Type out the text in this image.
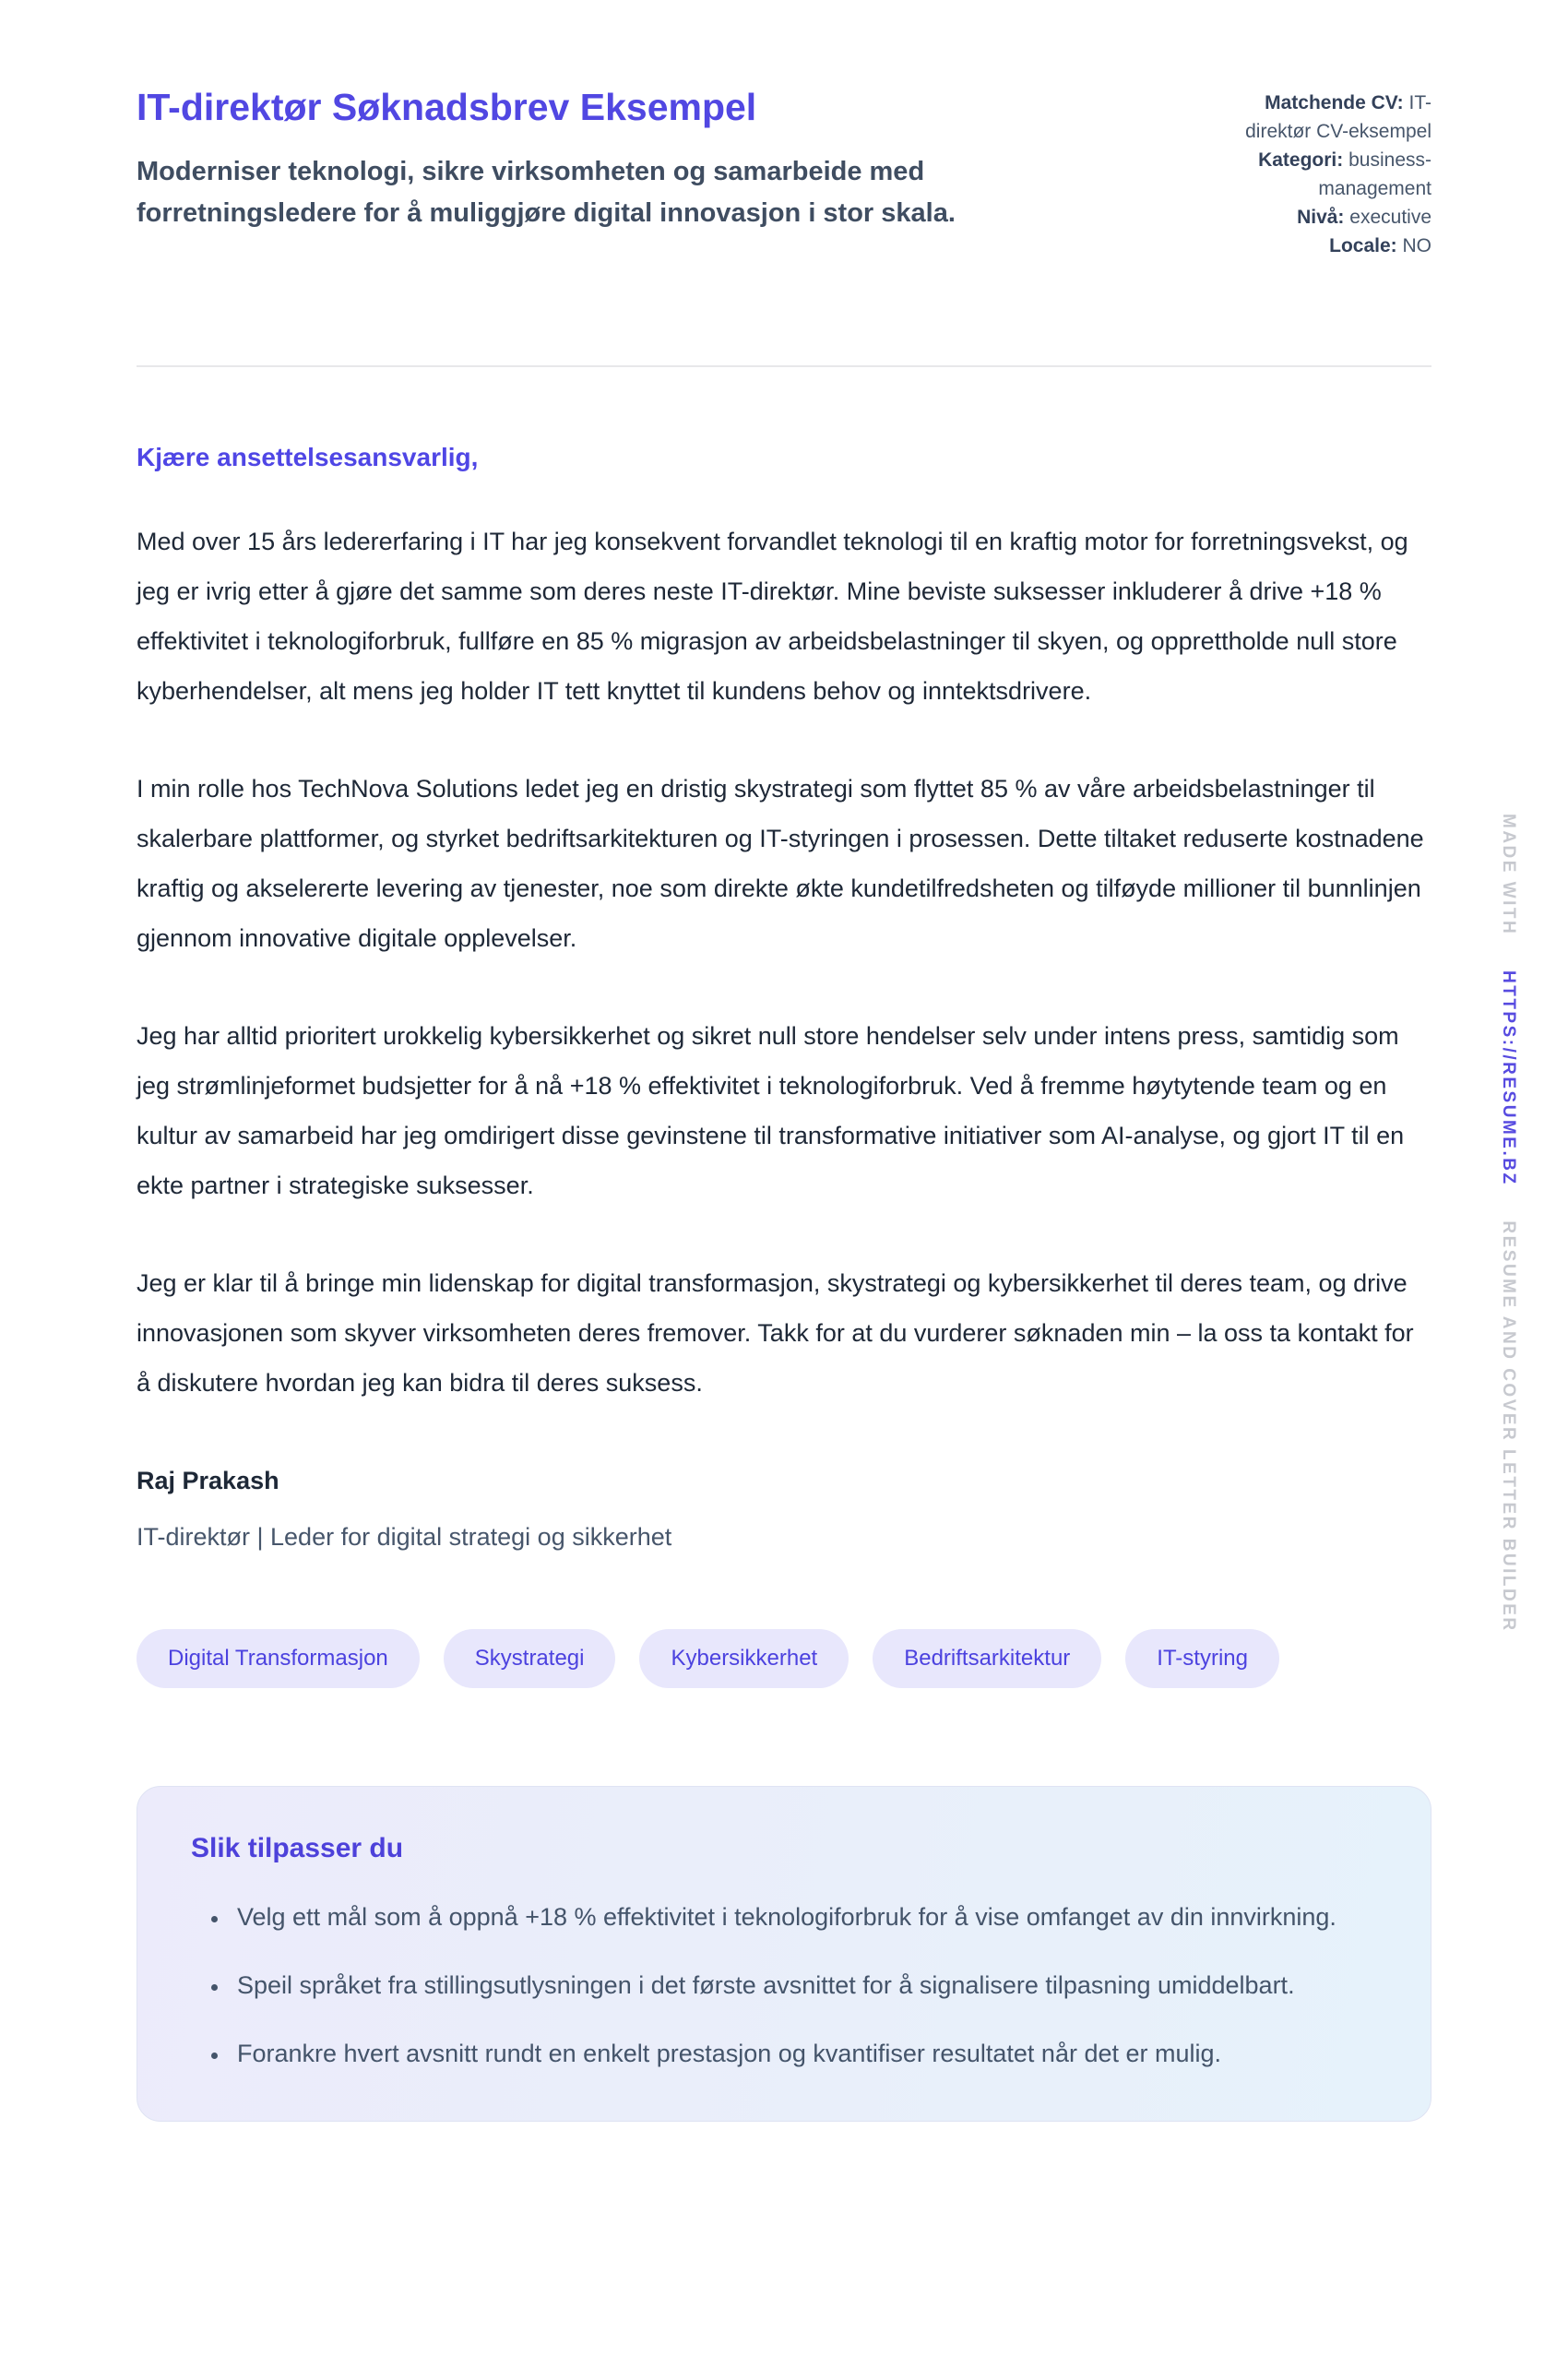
IT-direktør Søknadsbrev Eksempel
Moderniser teknologi, sikre virksomheten og samarbeide med forretningsledere for å muliggjøre digital innovasjon i stor skala.
Matchende CV: IT-direktør CV-eksempel
Kategori: business-management
Nivå: executive
Locale: NO
Kjære ansettelsesansvarlig,

Med over 15 års ledererfaring i IT har jeg konsekvent forvandlet teknologi til en kraftig motor for forretningsvekst, og jeg er ivrig etter å gjøre det samme som deres neste IT-direktør. Mine beviste suksesser inkluderer å drive +18 % effektivitet i teknologiforbruk, fullføre en 85 % migrasjon av arbeidsbelastninger til skyen, og opprettholde null store kyberhendelser, alt mens jeg holder IT tett knyttet til kundens behov og inntektsdrivere.

I min rolle hos TechNova Solutions ledet jeg en dristig skystrategi som flyttet 85 % av våre arbeidsbelastninger til skalerbare plattformer, og styrket bedriftsarkitekturen og IT-styringen i prosessen. Dette tiltaket reduserte kostnadene kraftig og akselererte levering av tjenester, noe som direkte økte kundetilfredsheten og tilføyde millioner til bunnlinjen gjennom innovative digitale opplevelser.

Jeg har alltid prioritert urokkelig kybersikkerhet og sikret null store hendelser selv under intens press, samtidig som jeg strømlinjeformet budsjetter for å nå +18 % effektivitet i teknologiforbruk. Ved å fremme høytytende team og en kultur av samarbeid har jeg omdirigert disse gevinstene til transformative initiativer som AI-analyse, og gjort IT til en ekte partner i strategiske suksesser.

Jeg er klar til å bringe min lidenskap for digital transformasjon, skystrategi og kybersikkerhet til deres team, og drive innovasjonen som skyver virksomheten deres fremover. Takk for at du vurderer søknaden min – la oss ta kontakt for å diskutere hvordan jeg kan bidra til deres suksess.

Raj Prakash
IT-direktør | Leder for digital strategi og sikkerhet
Digital Transformasjon	Skystrategi	Kybersikkerhet	Bedriftsarkitektur	IT-styring
Slik tilpasser du
• Velg ett mål som å oppnå +18 % effektivitet i teknologiforbruk for å vise omfanget av din innvirkning.
• Speil språket fra stillingsutlysningen i det første avsnittet for å signalisere tilpasning umiddelbart.
• Forankre hvert avsnitt rundt en enkelt prestasjon og kvantifiser resultatet når det er mulig.
MADE WITH HTTPS://RESUME.BZ RESUME AND COVER LETTER BUILDER
